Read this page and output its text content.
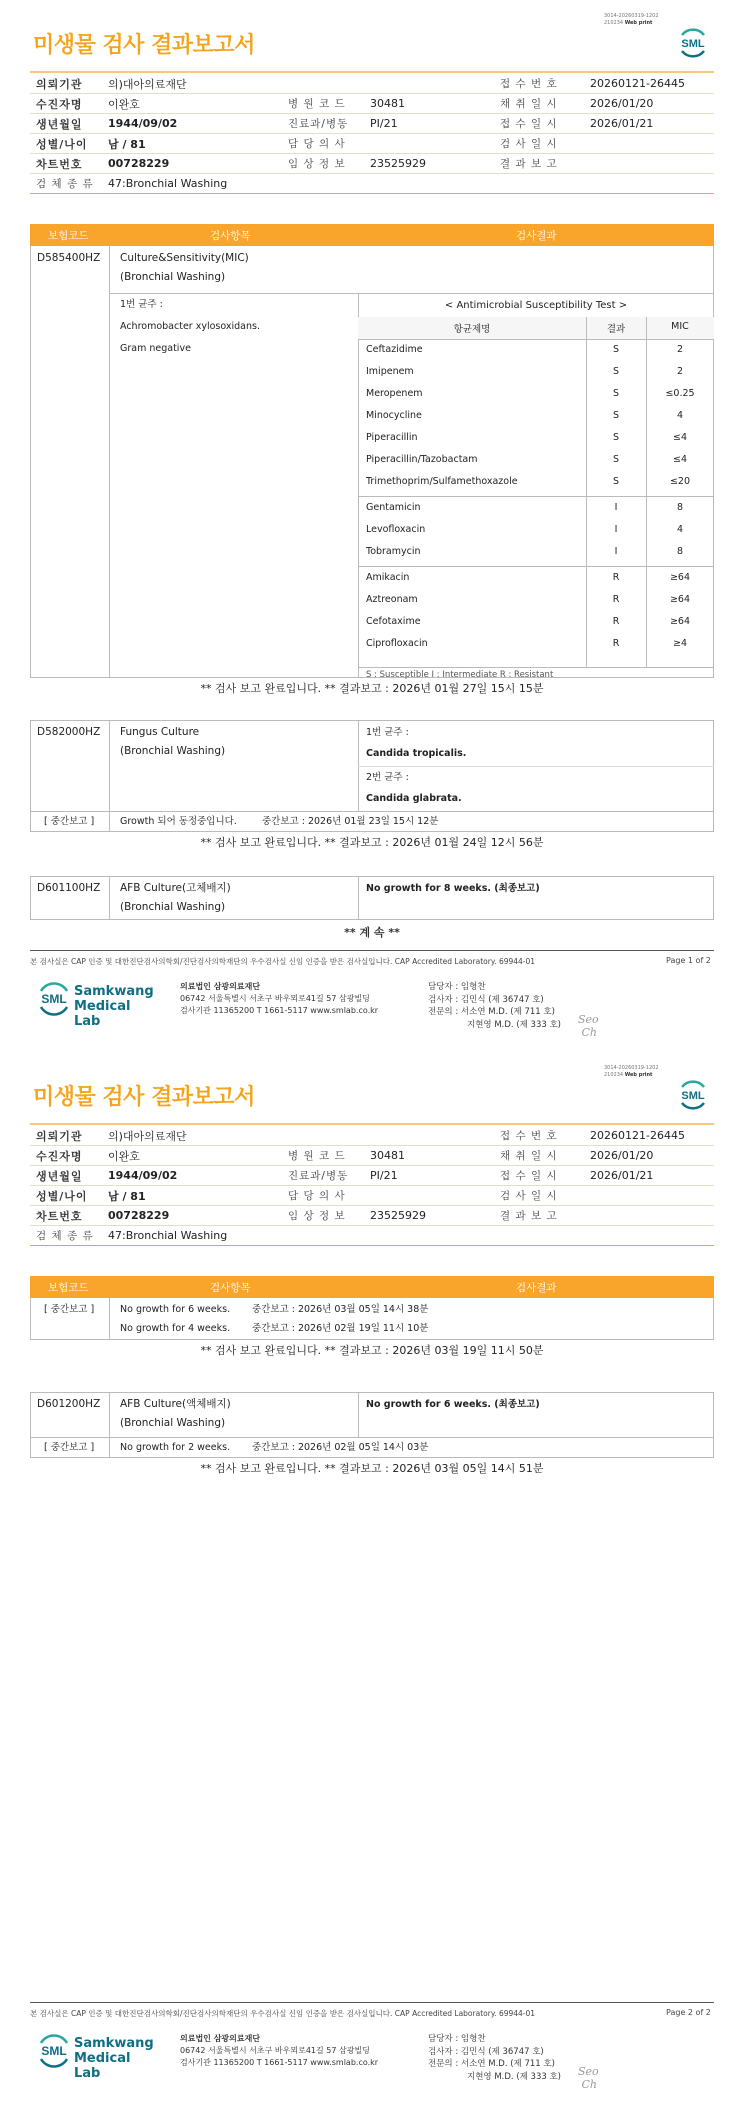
3014-20260319-1202
210234 Web print
미생물 검사 결과보고서	SML
의뢰기관	의)대아의료재단			접 수 번 호	20260121-26445
수진자명	이완호	병 원 코 드	30481	채 취 일 시	2026/01/20
생년월일	1944/09/02	진료과/병동	PI/21	접 수 일 시	2026/01/21
성별/나이	남 / 81	담 당 의 사		검 사 일 시	
차트번호	00728229	임 상 정 보	23525929	결 과 보 고	
검 체 종 류	47:Bronchial Washing				
보험코드	검사항목	검사결과
D585400HZ Culture&Sensitivity(MIC)
(Bronchial Washing)
1번 균주 :
Achromobacter xylosoxidans.
Gram negative
< Antimicrobial Susceptibility Test >
항균제명	결과	MIC
Ceftazidime	S	2
Imipenem	S	2
Meropenem	S	≤0.25
Minocycline	S	4
Piperacillin	S	≤4
Piperacillin/Tazobactam	S	≤4
Trimethoprim/Sulfamethoxazole	S	≤20
Gentamicin	I	8
Levofloxacin	I	4
Tobramycin	I	8
Amikacin	R	≥64
Aztreonam	R	≥64
Cefotaxime	R	≥64
Ciprofloxacin	R	≥4
S : Susceptible I : Intermediate R : Resistant
** 검사 보고 완료입니다. ** 결과보고 : 2026년 01월 27일 15시 15분
D582000HZ Fungus Culture
(Bronchial Washing)
1번 균주 :
Candida tropicalis.
2번 균주 :
Candida glabrata.
[ 중간보고 ]	Growth 되어 동정중입니다.	중간보고 : 2026년 01월 23일 15시 12분
** 검사 보고 완료입니다. ** 결과보고 : 2026년 01월 24일 12시 56분
D601100HZ AFB Culture(고체배지)
(Bronchial Washing)
No growth for 8 weeks. (최종보고)
** 계 속 **
본 검사실은 CAP 인증 및 대한진단검사의학회/진단검사의학재단의 우수검사실 신임 인증을 받은 검사실입니다. CAP Accredited Laboratory. 69944-01	Page 1 of 2
SML Samkwang
Medical Lab
의료법인 삼광의료재단
06742 서울특별시 서초구 바우뫼로41길 57 삼광빌딩
검사기관 11365200 T 1661-5117 www.smlab.co.kr
담당자 : 임형찬
검사자 : 김민식 (제 36747 호)
전문의 : 서소연 M.D. (제 711 호)
지현영 M.D. (제 333 호) Seo
Ch
3014-20260319-1202
210234 Web print
미생물 검사 결과보고서	SML
의뢰기관	의)대아의료재단			접 수 번 호	20260121-26445
수진자명	이완호	병 원 코 드	30481	채 취 일 시	2026/01/20
생년월일	1944/09/02	진료과/병동	PI/21	접 수 일 시	2026/01/21
성별/나이	남 / 81	담 당 의 사		검 사 일 시	
차트번호	00728229	임 상 정 보	23525929	결 과 보 고	
검 체 종 류	47:Bronchial Washing				
보험코드	검사항목	검사결과
[ 중간보고 ]	No growth for 6 weeks. 중간보고 : 2026년 03월 05일 14시 38분
No growth for 4 weeks. 중간보고 : 2026년 02월 19일 11시 10분
** 검사 보고 완료입니다. ** 결과보고 : 2026년 03월 19일 11시 50분
D601200HZ AFB Culture(액체배지)
(Bronchial Washing)
No growth for 6 weeks. (최종보고)
[ 중간보고 ]	No growth for 2 weeks. 중간보고 : 2026년 02월 05일 14시 03분
** 검사 보고 완료입니다. ** 결과보고 : 2026년 03월 05일 14시 51분
본 검사실은 CAP 인증 및 대한진단검사의학회/진단검사의학재단의 우수검사실 신임 인증을 받은 검사실입니다. CAP Accredited Laboratory. 69944-01	Page 2 of 2
SML Samkwang
Medical Lab
의료법인 삼광의료재단
06742 서울특별시 서초구 바우뫼로41길 57 삼광빌딩
검사기관 11365200 T 1661-5117 www.smlab.co.kr
담당자 : 임형찬
검사자 : 김민식 (제 36747 호)
전문의 : 서소연 M.D. (제 711 호)
지현영 M.D. (제 333 호) Seo
Ch
